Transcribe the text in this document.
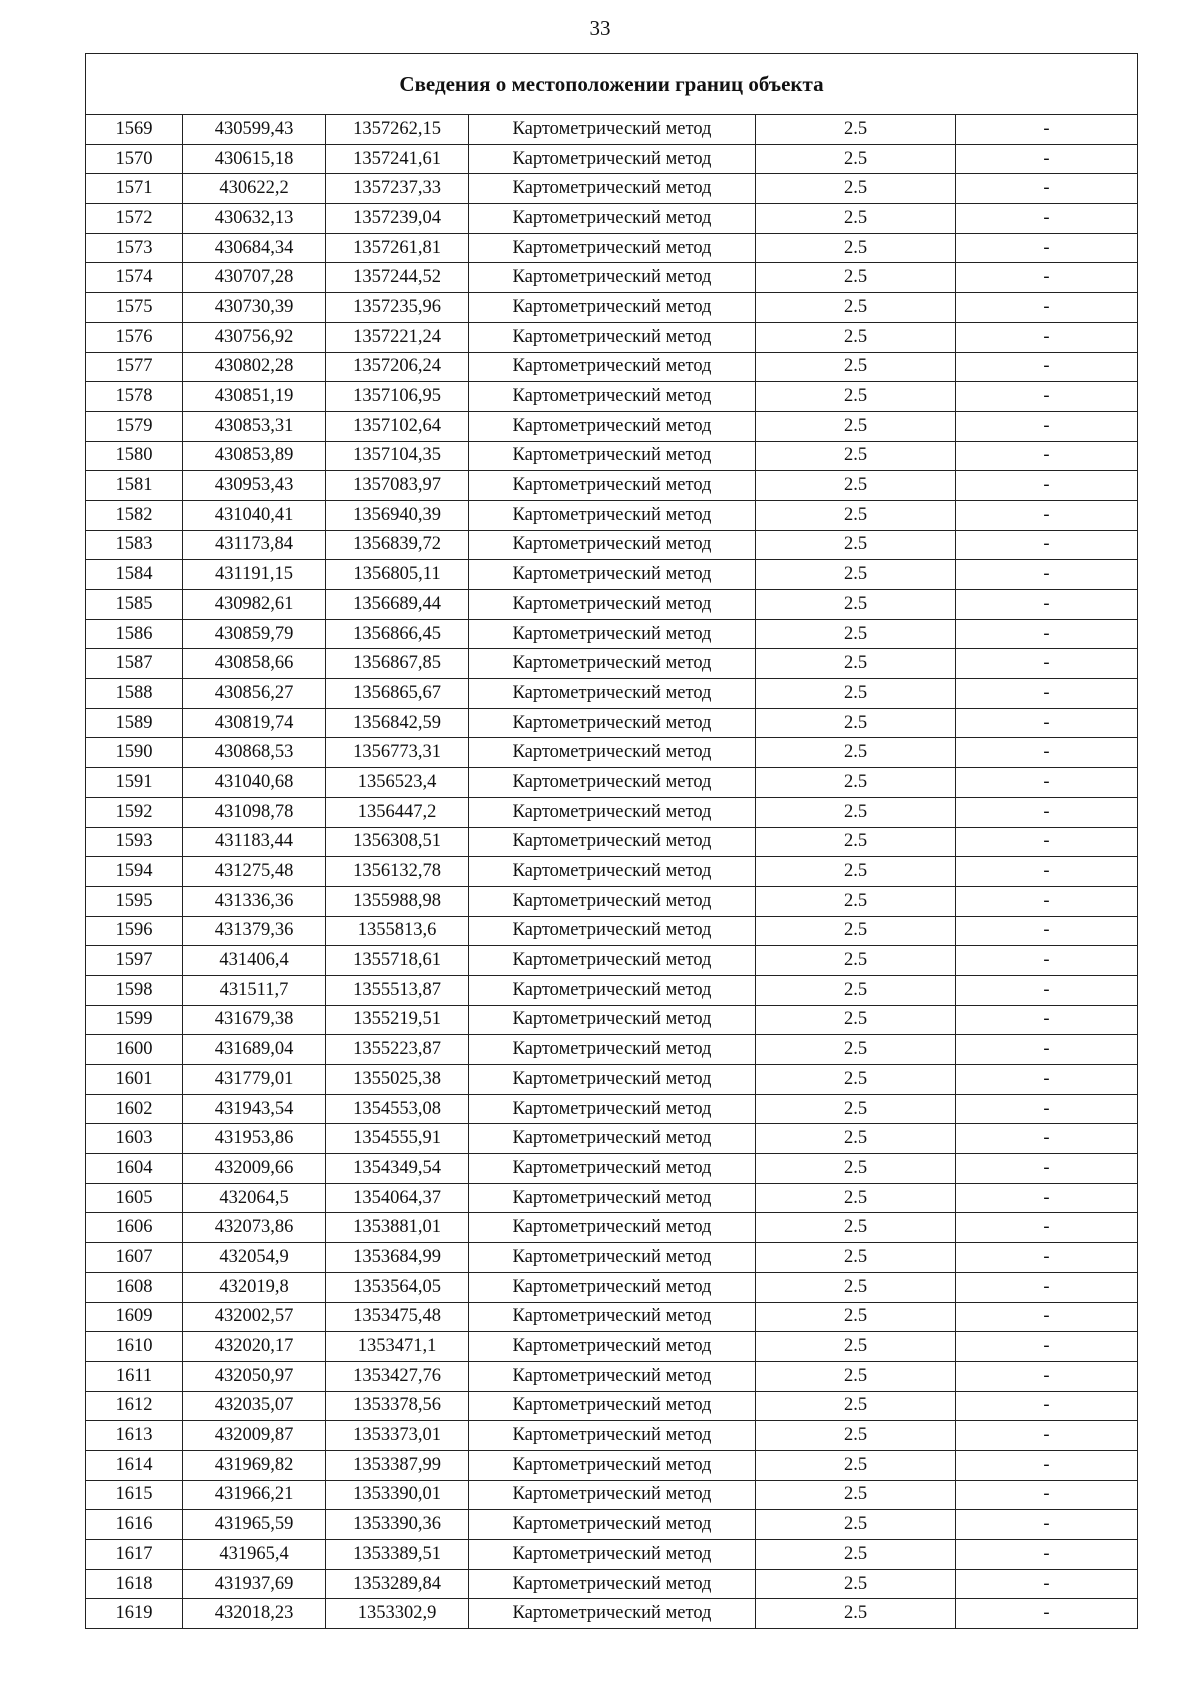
33
Сведения о местоположении границ объекта					
1569	430599,43	1357262,15	Картометрический метод	2.5	-
1570	430615,18	1357241,61	Картометрический метод	2.5	-
1571	430622,2	1357237,33	Картометрический метод	2.5	-
1572	430632,13	1357239,04	Картометрический метод	2.5	-
1573	430684,34	1357261,81	Картометрический метод	2.5	-
1574	430707,28	1357244,52	Картометрический метод	2.5	-
1575	430730,39	1357235,96	Картометрический метод	2.5	-
1576	430756,92	1357221,24	Картометрический метод	2.5	-
1577	430802,28	1357206,24	Картометрический метод	2.5	-
1578	430851,19	1357106,95	Картометрический метод	2.5	-
1579	430853,31	1357102,64	Картометрический метод	2.5	-
1580	430853,89	1357104,35	Картометрический метод	2.5	-
1581	430953,43	1357083,97	Картометрический метод	2.5	-
1582	431040,41	1356940,39	Картометрический метод	2.5	-
1583	431173,84	1356839,72	Картометрический метод	2.5	-
1584	431191,15	1356805,11	Картометрический метод	2.5	-
1585	430982,61	1356689,44	Картометрический метод	2.5	-
1586	430859,79	1356866,45	Картометрический метод	2.5	-
1587	430858,66	1356867,85	Картометрический метод	2.5	-
1588	430856,27	1356865,67	Картометрический метод	2.5	-
1589	430819,74	1356842,59	Картометрический метод	2.5	-
1590	430868,53	1356773,31	Картометрический метод	2.5	-
1591	431040,68	1356523,4	Картометрический метод	2.5	-
1592	431098,78	1356447,2	Картометрический метод	2.5	-
1593	431183,44	1356308,51	Картометрический метод	2.5	-
1594	431275,48	1356132,78	Картометрический метод	2.5	-
1595	431336,36	1355988,98	Картометрический метод	2.5	-
1596	431379,36	1355813,6	Картометрический метод	2.5	-
1597	431406,4	1355718,61	Картометрический метод	2.5	-
1598	431511,7	1355513,87	Картометрический метод	2.5	-
1599	431679,38	1355219,51	Картометрический метод	2.5	-
1600	431689,04	1355223,87	Картометрический метод	2.5	-
1601	431779,01	1355025,38	Картометрический метод	2.5	-
1602	431943,54	1354553,08	Картометрический метод	2.5	-
1603	431953,86	1354555,91	Картометрический метод	2.5	-
1604	432009,66	1354349,54	Картометрический метод	2.5	-
1605	432064,5	1354064,37	Картометрический метод	2.5	-
1606	432073,86	1353881,01	Картометрический метод	2.5	-
1607	432054,9	1353684,99	Картометрический метод	2.5	-
1608	432019,8	1353564,05	Картометрический метод	2.5	-
1609	432002,57	1353475,48	Картометрический метод	2.5	-
1610	432020,17	1353471,1	Картометрический метод	2.5	-
1611	432050,97	1353427,76	Картометрический метод	2.5	-
1612	432035,07	1353378,56	Картометрический метод	2.5	-
1613	432009,87	1353373,01	Картометрический метод	2.5	-
1614	431969,82	1353387,99	Картометрический метод	2.5	-
1615	431966,21	1353390,01	Картометрический метод	2.5	-
1616	431965,59	1353390,36	Картометрический метод	2.5	-
1617	431965,4	1353389,51	Картометрический метод	2.5	-
1618	431937,69	1353289,84	Картометрический метод	2.5	-
1619	432018,23	1353302,9	Картометрический метод	2.5	-
